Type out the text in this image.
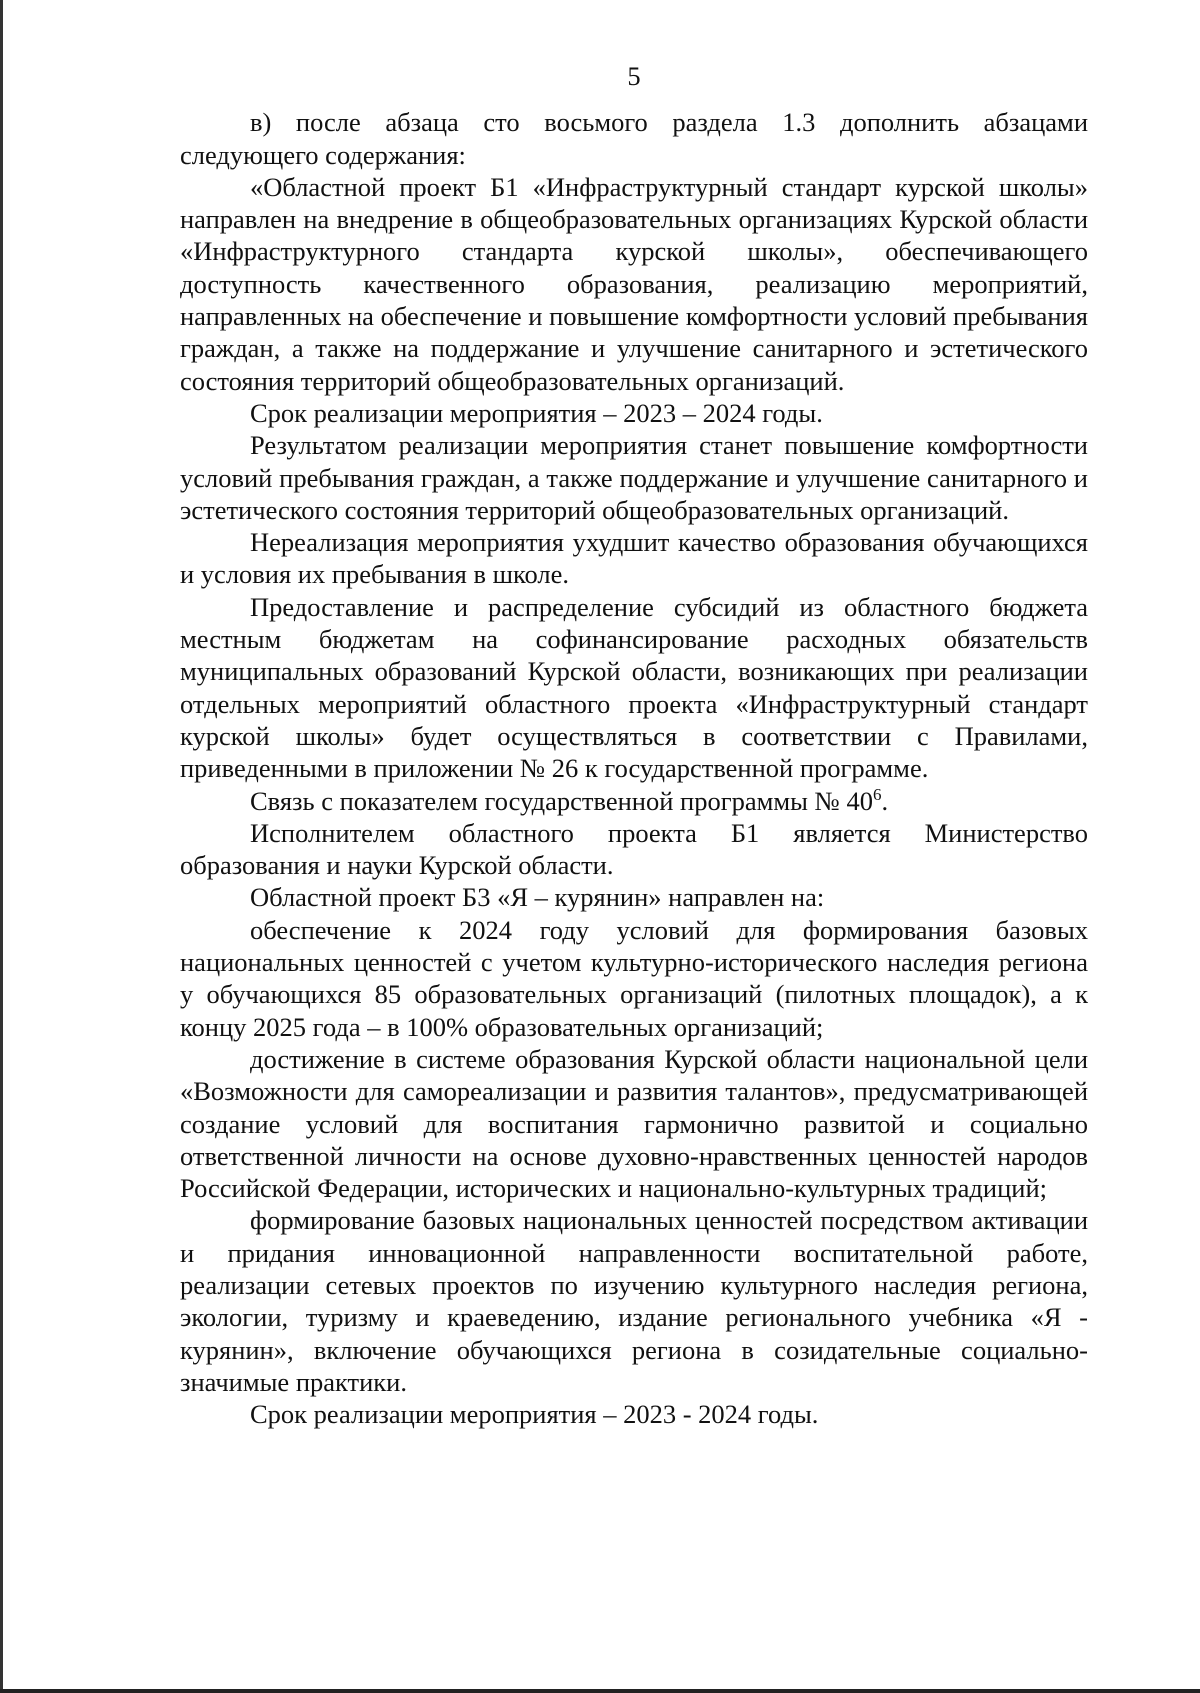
5

в) после абзаца сто восьмого раздела 1.3 дополнить абзацами следующего содержания:

«Областной проект Б1 «Инфраструктурный стандарт курской школы» направлен на внедрение в общеобразовательных организациях Курской области «Инфраструктурного стандарта курской школы», обеспечивающего доступность качественного образования, реализацию мероприятий, направленных на обеспечение и повышение комфортности условий пребывания граждан, а также на поддержание и улучшение санитарного и эстетического состояния территорий общеобразовательных организаций.

Срок реализации мероприятия – 2023 – 2024 годы.

Результатом реализации мероприятия станет повышение комфортности условий пребывания граждан, а также поддержание и улучшение санитарного и эстетического состояния территорий общеобразовательных организаций.

Нереализация мероприятия ухудшит качество образования обучающихся и условия их пребывания в школе.

Предоставление и распределение субсидий из областного бюджета местным бюджетам на софинансирование расходных обязательств муниципальных образований Курской области, возникающих при реализации отдельных мероприятий областного проекта «Инфраструктурный стандарт курской школы» будет осуществляться в соответствии с Правилами, приведенными в приложении № 26 к государственной программе.

Связь с показателем государственной программы № $40^6$.

Исполнителем областного проекта Б1 является Министерство образования и науки Курской области.

Областной проект Б3 «Я – курянин» направлен на:

обеспечение к 2024 году условий для формирования базовых национальных ценностей с учетом культурно-исторического наследия региона у обучающихся 85 образовательных организаций (пилотных площадок), а к концу 2025 года – в 100% образовательных организаций;

достижение в системе образования Курской области национальной цели «Возможности для самореализации и развития талантов», предусматривающей создание условий для воспитания гармонично развитой и социально ответственной личности на основе духовно-нравственных ценностей народов Российской Федерации, исторических и национально-культурных традиций;

формирование базовых национальных ценностей посредством активации и придания инновационной направленности воспитательной работе, реализации сетевых проектов по изучению культурного наследия региона, экологии, туризму и краеведению, издание регионального учебника «Я - курянин», включение обучающихся региона в созидательные социально-значимые практики.

Срок реализации мероприятия – 2023 - 2024 годы.
